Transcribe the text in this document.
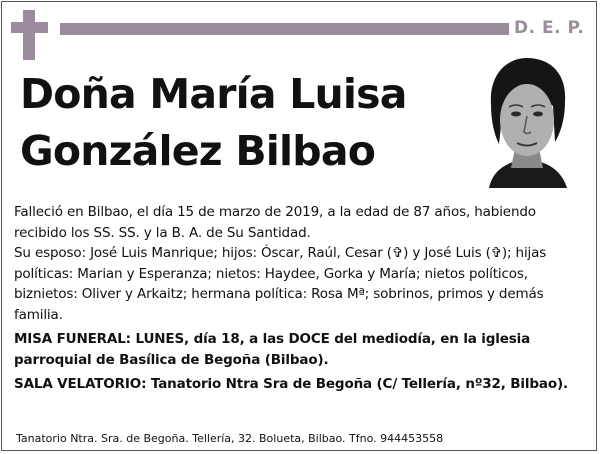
D. E. P.
Doña María Luisa
González Bilbao

Falleció en Bilbao, el día 15 de marzo de 2019, a la edad de 87 años, habiendo recibido los SS. SS. y la B. A. de Su Santidad.

Su esposo: José Luis Manrique; hijos: Óscar, Raúl, Cesar (✞) y José Luis (✞); hijas políticas: Marian y Esperanza; nietos: Haydee, Gorka y María; nietos políticos, biznietos: Oliver y Arkaitz; hermana política: Rosa Mª; sobrinos, primos y demás familia.

MISA FUNERAL: LUNES, día 18, a las DOCE del mediodía, en la iglesia parroquial de Basílica de Begoña (Bilbao).

SALA VELATORIO: Tanatorio Ntra Sra de Begoña (C/ Tellería, nº32, Bilbao).

Tanatorio Ntra. Sra. de Begoña. Tellería, 32. Bolueta, Bilbao. Tfno. 944453558
